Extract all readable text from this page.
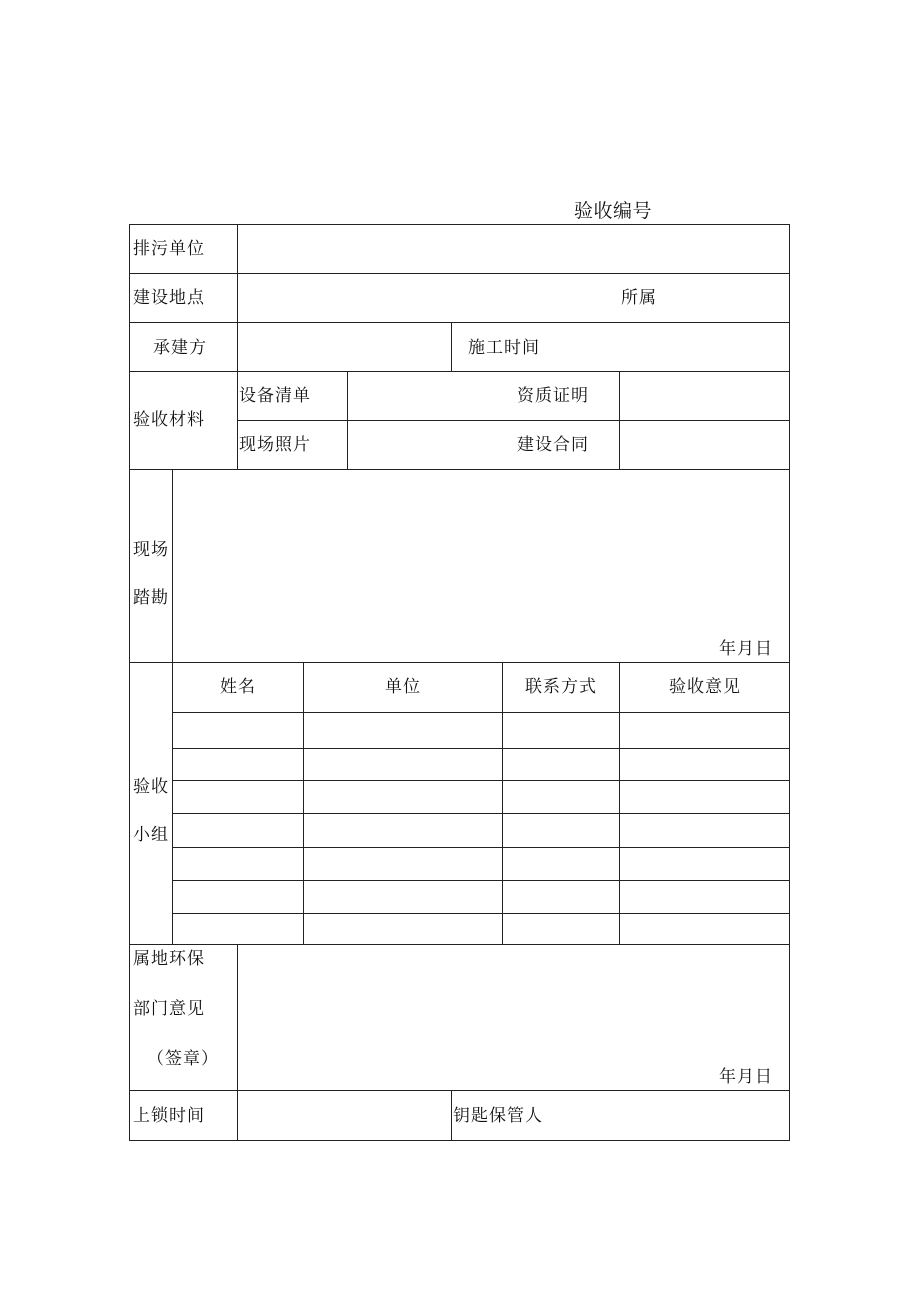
验收编号
排污单位
建设地点	所属
承建方	施工时间
验收材料
设备清单	资质证明
现场照片	建设合同
现场
踏勘
年月日
验收
小组
姓名	单位	联系方式	验收意见
属地环保
部门意见
（签章）
年月日
上锁时间	钥匙保管人
